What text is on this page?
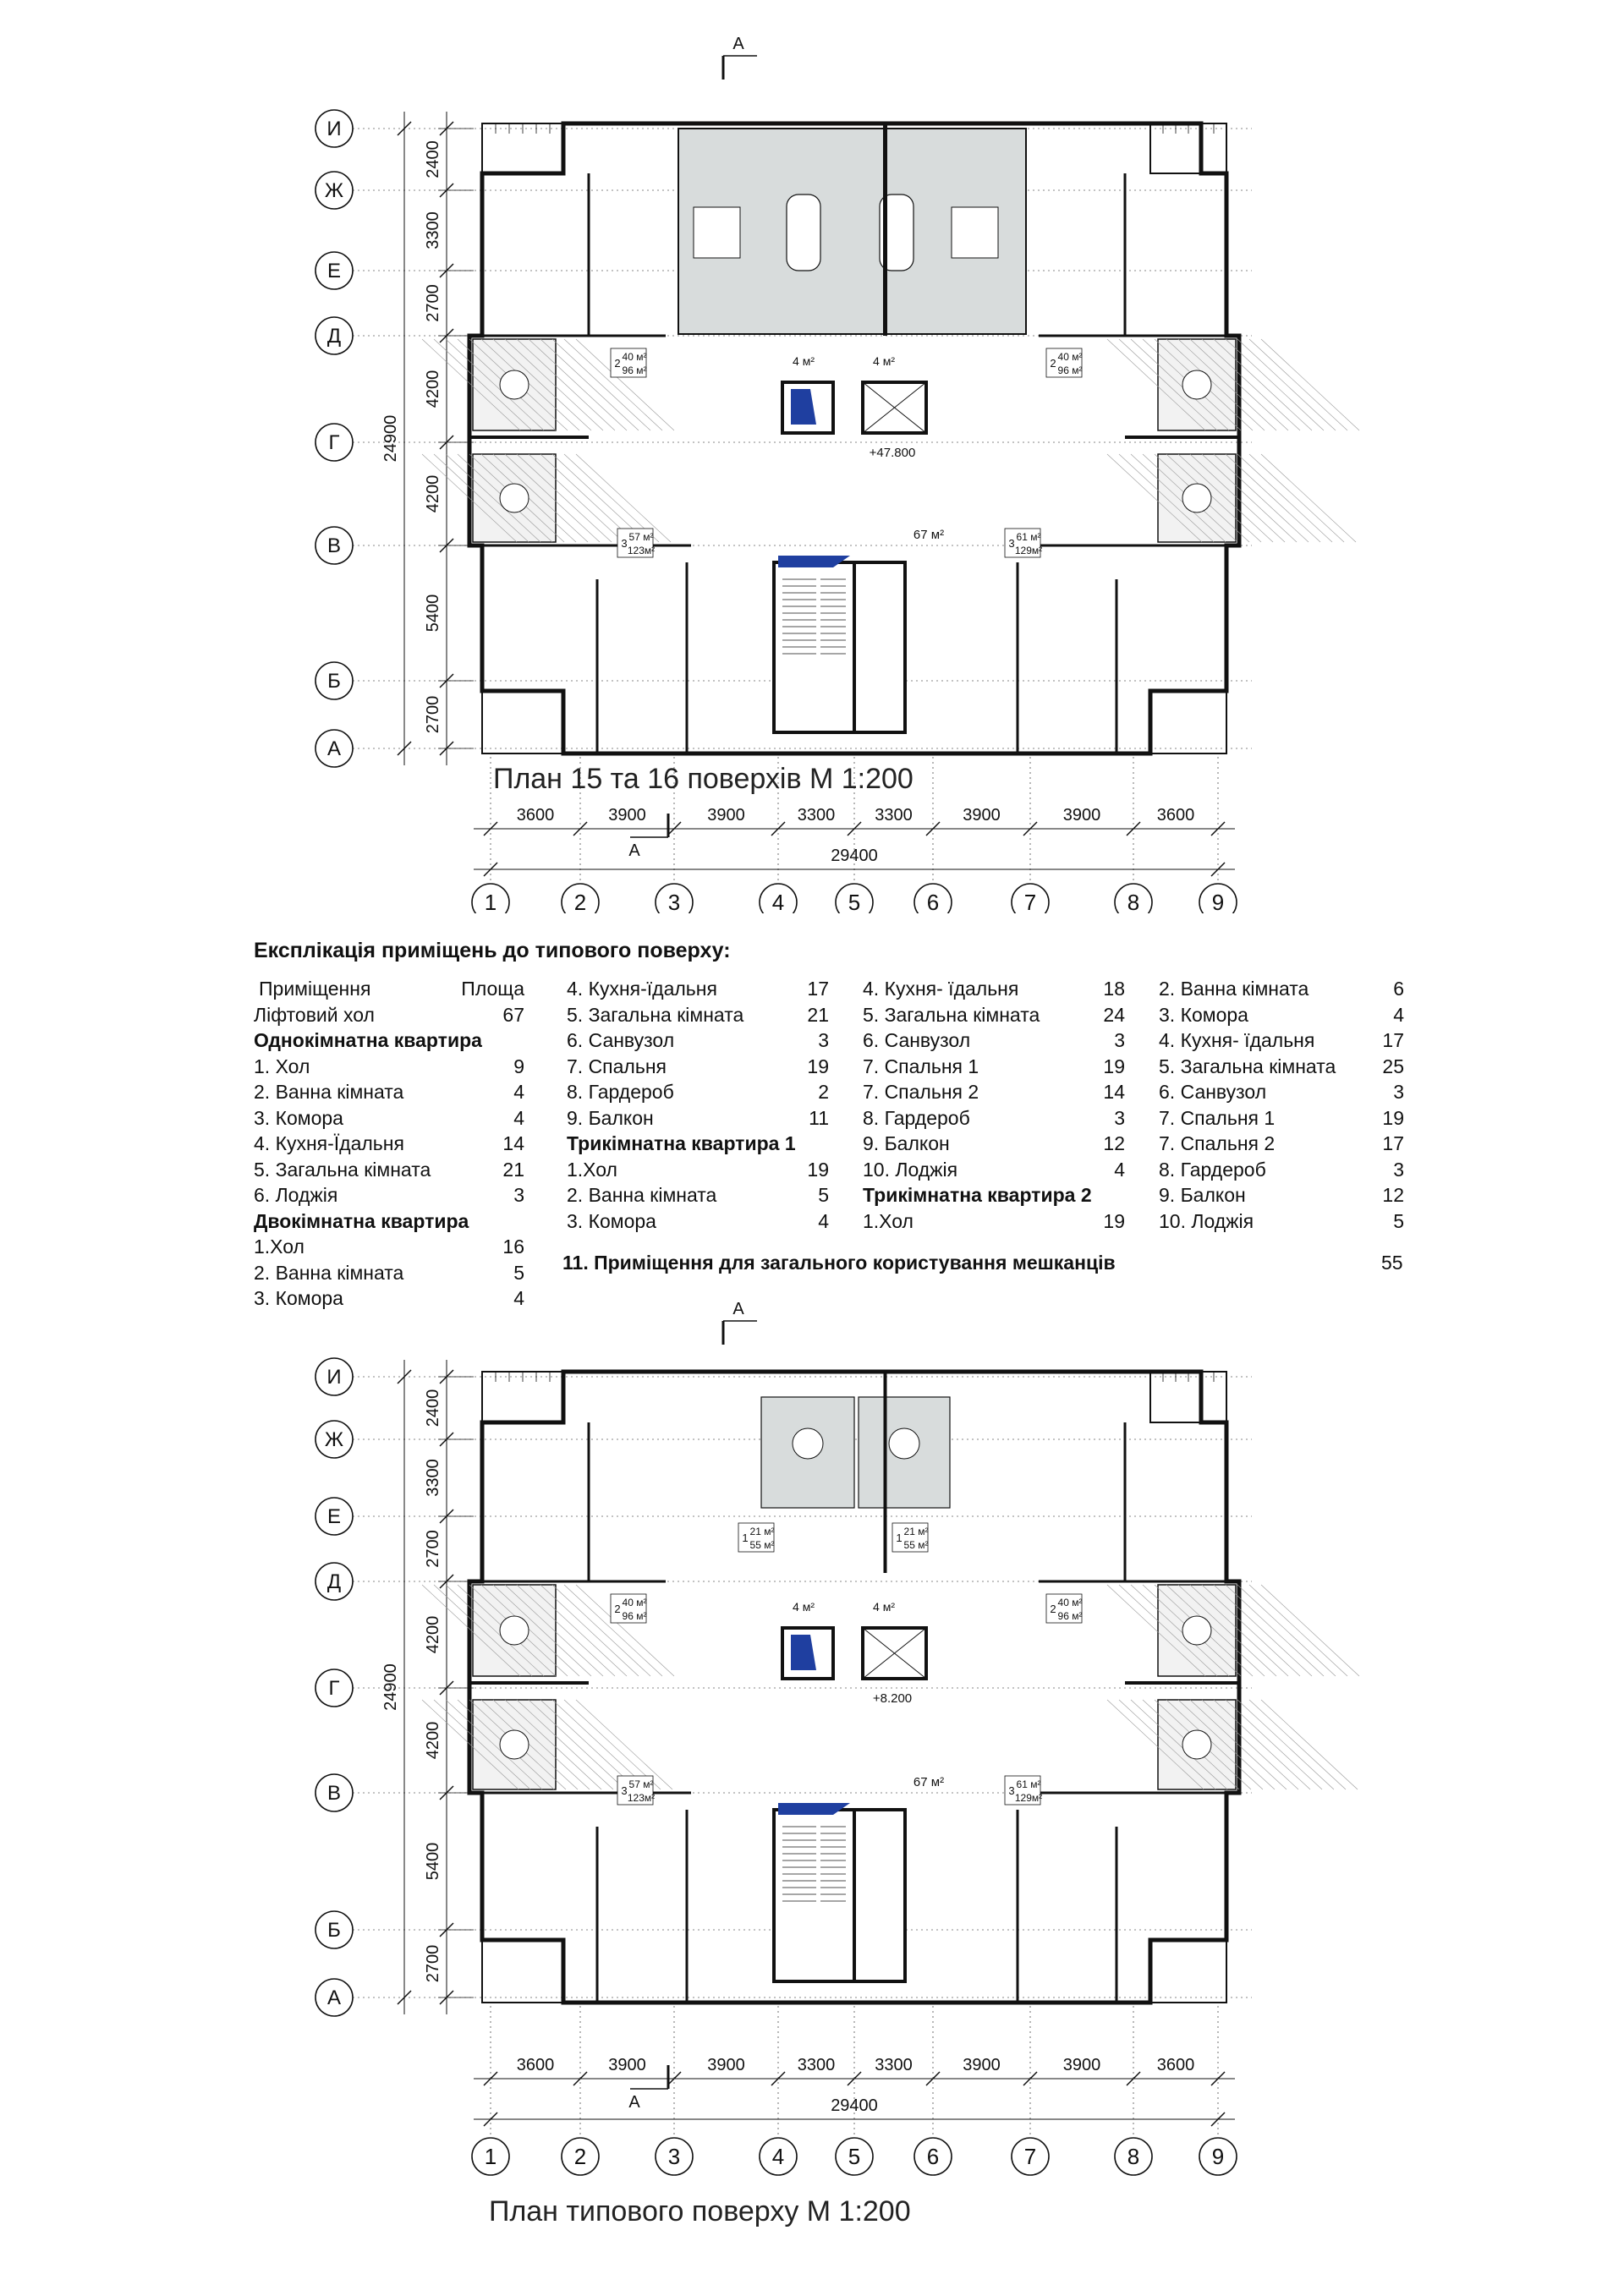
И
Ж
Е
Д
Г
В
Б
А
2400
3300
2700
4200
4200
5400
2700
24900
1	2	3	4	5	6	7	8	9
3600	3900	3900	3300 3300	3900	3900	3600
29400
А
А
3 57 м²
123м²
2 40 м²
96 м²
2 40 м²
96 м²
3 61 м²
129м²
4 м²	4 м²
67 м²
+47.800
План 15 та 16 поверхів М 1:200
Експлікація приміщень до типового поверху:
Приміщення	Площа
Ліфтовий хол	67
Однокімнатна квартира
1. Хол	9
2. Ванна кімната	4
3. Комора	4
4. Кухня-Їдальня	14
5. Загальна кімната	21
6. Лоджія	3
Двокімнатна квартира
1.Хол	16
2. Ванна кімната	5
3. Комора	4
4. Кухня-їдальня	17
5. Загальна кімната	21
6. Санвузол	3
7. Спальня	19
8. Гардероб	2
9. Балкон	11
Трикімнатна квартира 1
1.Хол	19
2. Ванна кімната	5
3. Комора	4
4. Кухня- їдальня	18
5. Загальна кімната	24
6. Санвузол	3
7. Спальня 1	19
7. Спальня 2	14
8. Гардероб	3
9. Балкон	12
10. Лоджія	4
Трикімнатна квартира 2
1.Хол	19
2. Ванна кімната	6
3. Комора	4
4. Кухня- їдальня	17
5. Загальна кімната	25
6. Санвузол	3
7. Спальня 1	19
7. Спальня 2	17
8. Гардероб	3
9. Балкон	12
10. Лоджія	5
11. Приміщення для загального користування мешканців	55
И
Ж
Е
Д
Г
В
Б
А
2400
3300
2700
4200
4200
5400
2700
24900
1	2	3	4	5	6	7	8	9
3600	3900	3900	3300 3300	3900	3900	3600
29400
А
А
3 57 м²
123м²
2 40 м²
96 м²
2 40 м²
96 м²
3 61 м²
129м²
1 21 м²
55 м²
1 21 м²
55 м²
4 м²	4 м²
67 м²
+8.200
План типового поверху М 1:200
